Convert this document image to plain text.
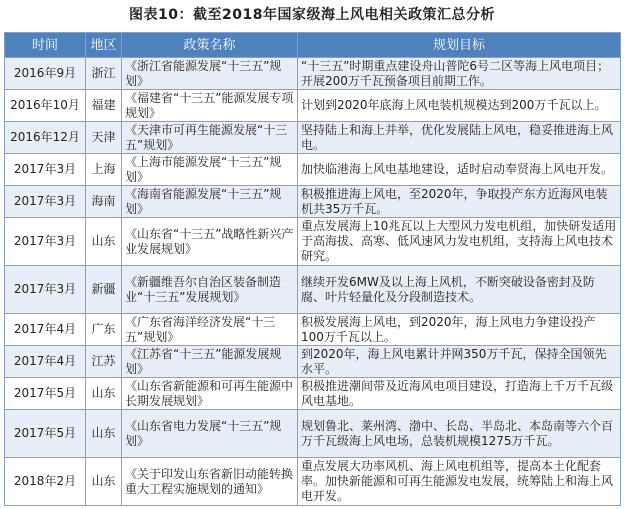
图表10：截至2018年国家级海上风电相关政策汇总分析
时间	地区	政策名称	规划目标
2016年9月	浙江	《浙江省能源发展“十三五”规划》	“十三五”时期重点建设舟山普陀6号二区等海上风电项目；开展200万千瓦预备项目前期工作。
2016年10月	福建	《福建省“十三五”能源发展专项规划》	计划到2020年底海上风电装机规模达到200万千瓦以上。
2016年12月	天津	《天津市可再生能源发展“十三五”规划》	坚持陆上和海上并举，优化发展陆上风电，稳妥推进海上风电。
2017年3月	上海	《上海市能源发展“十三五”规划》	加快临港海上风电基地建设，适时启动奉贤海上风电开发。
2017年3月	海南	《海南省能源发展“十三五”规划》	积极推进海上风电，至2020年，争取投产东方近海风电装机共35万千瓦。
2017年3月	山东	《山东省“十三五”战略性新兴产业发展规划》	重点发展海上10兆瓦以上大型风力发电机组，加快研发适用于高海拔、高寒、低风速风力发电机组，支持海上风电技术研究。
2017年3月	新疆	《新疆维吾尔自治区装备制造业“十三五”发展规划》	继续开发6MW及以上海上风机，不断突破设备密封及防腐、叶片轻量化及分段制造技术。
2017年4月	广东	《广东省海洋经济发展“十三五”规划》	积极发展海上风电，到2020年，海上风电力争建设投产100万千瓦以上。
2017年4月	江苏	《江苏省“十三五”能源发展规划》	到2020年，海上风电累计并网350万千瓦，保持全国领先水平。
2017年5月	山东	《山东省新能源和可再生能源中长期发展规划》	积极推进潮间带及近海风电项目建设，打造海上千万千瓦级风电基地。
2017年5月	山东	《山东省电力发展“十三五”规划》	规划鲁北、莱州湾、渤中、长岛、半岛北、本岛南等六个百万千瓦级海上风电场，总装机规模1275万千瓦。
2018年2月	山东	《关于印发山东省新旧动能转换重大工程实施规划的通知》	重点发展大功率风机、海上风电机组等，提高本土化配套率。加快新能源和可再生能源发电发展，统筹陆上和海上风电开发。
